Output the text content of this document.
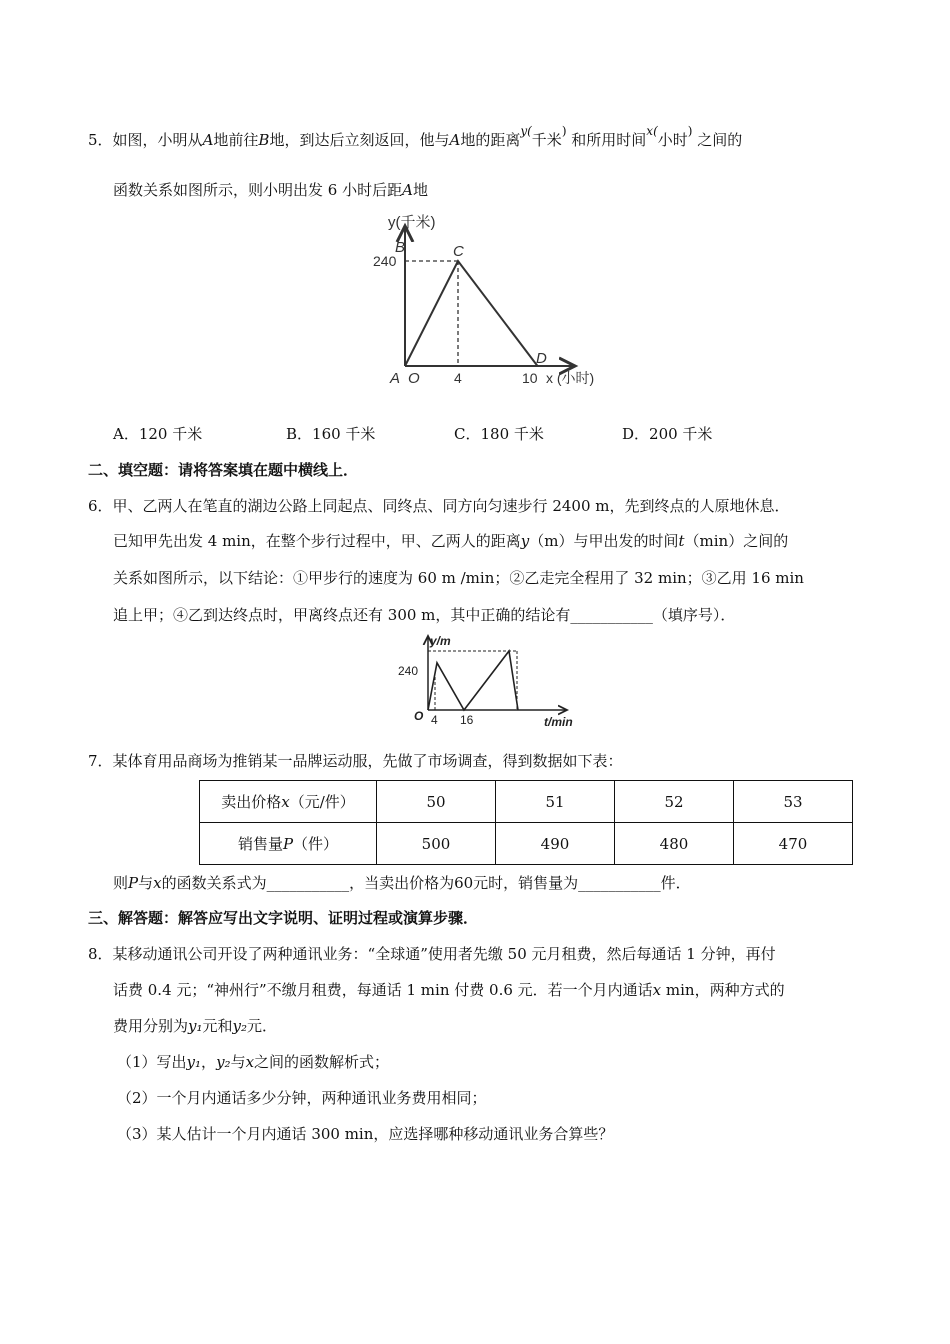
5．如图，小明从A地前往B地，到达后立刻返回，他与A地的距离$^{y(}$千米) 和所用时间$^{x(}$小时) 之间的
函数关系如图所示，则小明出发 6 小时后距A地
y(千米)
240
B	C
D
A O 4	10 x (小时)
A．120 千米	B．160 千米	C．180 千米	D．200 千米
二、填空题：请将答案填在题中横线上．
6．甲、乙两人在笔直的湖边公路上同起点、同终点、同方向匀速步行 2400 m，先到终点的人原地休息．
已知甲先出发 4 min，在整个步行过程中，甲、乙两人的距离y（m）与甲出发的时间t（min）之间的
关系如图所示，以下结论：①甲步行的速度为 60 m /min；②乙走完全程用了 32 min；③乙用 16 min
追上甲；④乙到达终点时，甲离终点还有 300 m，其中正确的结论有___________（填序号）．
y/m
240
O 4 16	t/min
7．某体育用品商场为推销某一品牌运动服，先做了市场调查，得到数据如下表：
卖出价格x（元/件）	50	51	52	53
销售量P（件）	500	490	480	470
则P与x的函数关系式为___________，当卖出价格为60元时，销售量为___________件．
三、解答题：解答应写出文字说明、证明过程或演算步骤．
8．某移动通讯公司开设了两种通讯业务：“全球通”使用者先缴 50 元月租费，然后每通话 1 分钟，再付
话费 0.4 元；“神州行”不缴月租费，每通话 1 min 付费 0.6 元．若一个月内通话x min，两种方式的
费用分别为y₁元和y₂元．
（1）写出y₁，y₂与x之间的函数解析式；
（2）一个月内通话多少分钟，两种通讯业务费用相同；
（3）某人估计一个月内通话 300 min，应选择哪种移动通讯业务合算些？
